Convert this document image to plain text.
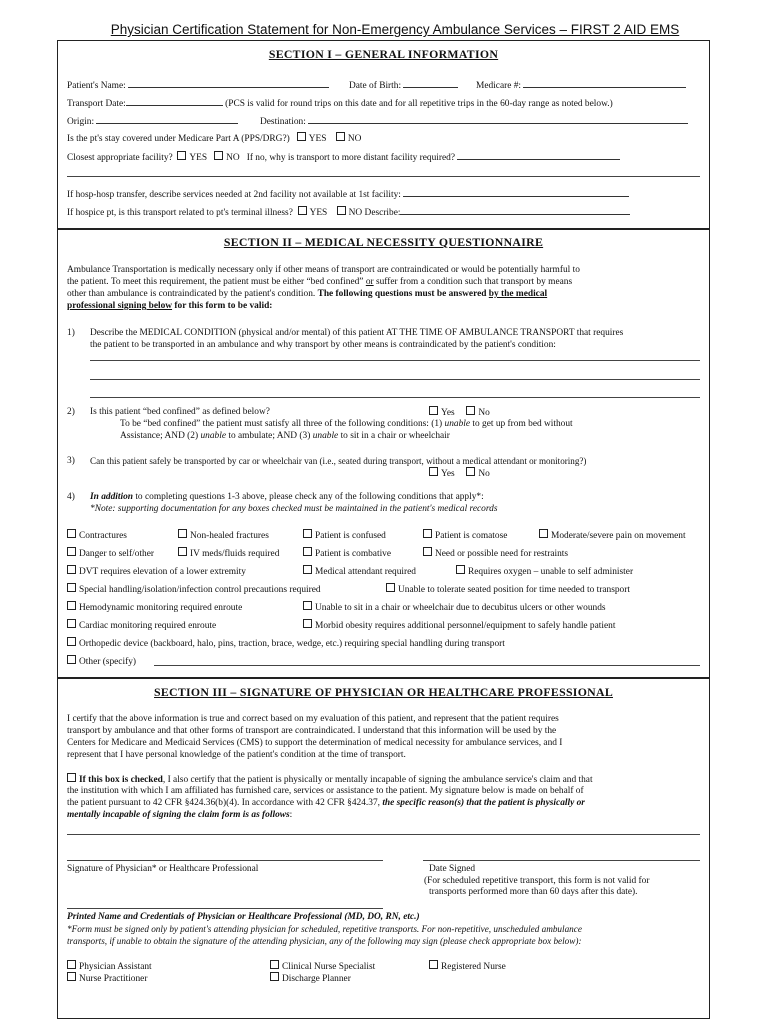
Physician Certification Statement for Non-Emergency Ambulance Services – FIRST 2 AID EMS
SECTION I – GENERAL INFORMATION
Patient's Name:	Date of Birth:	Medicare #:
Transport Date:	(PCS is valid for round trips on this date and for all repetitive trips in the 60-day range as noted below.)
Origin:	Destination:
Is the pt's stay covered under Medicare Part A (PPS/DRG?) YES NO
Closest appropriate facility? YES NO If no, why is transport to more distant facility required?
If hosp-hosp transfer, describe services needed at 2nd facility not available at 1st facility:
If hospice pt, is this transport related to pt's terminal illness? YES NO Describe:
SECTION II – MEDICAL NECESSITY QUESTIONNAIRE
Ambulance Transportation is medically necessary only if other means of transport are contraindicated or would be potentially harmful to
the patient. To meet this requirement, the patient must be either “bed confined” or suffer from a condition such that transport by means
other than ambulance is contraindicated by the patient's condition. The following questions must be answered by the medical
professional signing below for this form to be valid:
1) Describe the MEDICAL CONDITION (physical and/or mental) of this patient AT THE TIME OF AMBULANCE TRANSPORT that requires
the patient to be transported in an ambulance and why transport by other means is contraindicated by the patient's condition:
2) Is this patient “bed confined” as defined below?	Yes	No
To be “bed confined” the patient must satisfy all three of the following conditions: (1) unable to get up from bed without
Assistance; AND (2) unable to ambulate; AND (3) unable to sit in a chair or wheelchair
3) Can this patient safely be transported by car or wheelchair van (i.e., seated during transport, without a medical attendant or monitoring?)
Yes	No
4) In addition to completing questions 1-3 above, please check any of the following conditions that apply*:
*Note: supporting documentation for any boxes checked must be maintained in the patient's medical records
Contractures	Non-healed fractures	Patient is confused	Patient is comatose	Moderate/severe pain on movement
Danger to self/other	IV meds/fluids required	Patient is combative	Need or possible need for restraints
DVT requires elevation of a lower extremity	Medical attendant required	Requires oxygen – unable to self administer
Special handling/isolation/infection control precautions required	Unable to tolerate seated position for time needed to transport
Hemodynamic monitoring required enroute	Unable to sit in a chair or wheelchair due to decubitus ulcers or other wounds
Cardiac monitoring required enroute	Morbid obesity requires additional personnel/equipment to safely handle patient
Orthopedic device (backboard, halo, pins, traction, brace, wedge, etc.) requiring special handling during transport
Other (specify)
SECTION III – SIGNATURE OF PHYSICIAN OR HEALTHCARE PROFESSIONAL
I certify that the above information is true and correct based on my evaluation of this patient, and represent that the patient requires
transport by ambulance and that other forms of transport are contraindicated. I understand that this information will be used by the
Centers for Medicare and Medicaid Services (CMS) to support the determination of medical necessity for ambulance services, and I
represent that I have personal knowledge of the patient's condition at the time of transport.
If this box is checked, I also certify that the patient is physically or mentally incapable of signing the ambulance service's claim and that
the institution with which I am affiliated has furnished care, services or assistance to the patient. My signature below is made on behalf of
the patient pursuant to 42 CFR §424.36(b)(4). In accordance with 42 CFR §424.37, the specific reason(s) that the patient is physically or
mentally incapable of signing the claim form is as follows:
Signature of Physician* or Healthcare Professional	Date Signed
(For scheduled repetitive transport, this form is not valid for
transports performed more than 60 days after this date).
Printed Name and Credentials of Physician or Healthcare Professional (MD, DO, RN, etc.)
*Form must be signed only by patient's attending physician for scheduled, repetitive transports. For non-repetitive, unscheduled ambulance
transports, if unable to obtain the signature of the attending physician, any of the following may sign (please check appropriate box below):
Physician Assistant	Clinical Nurse Specialist	Registered Nurse
Nurse Practitioner	Discharge Planner
